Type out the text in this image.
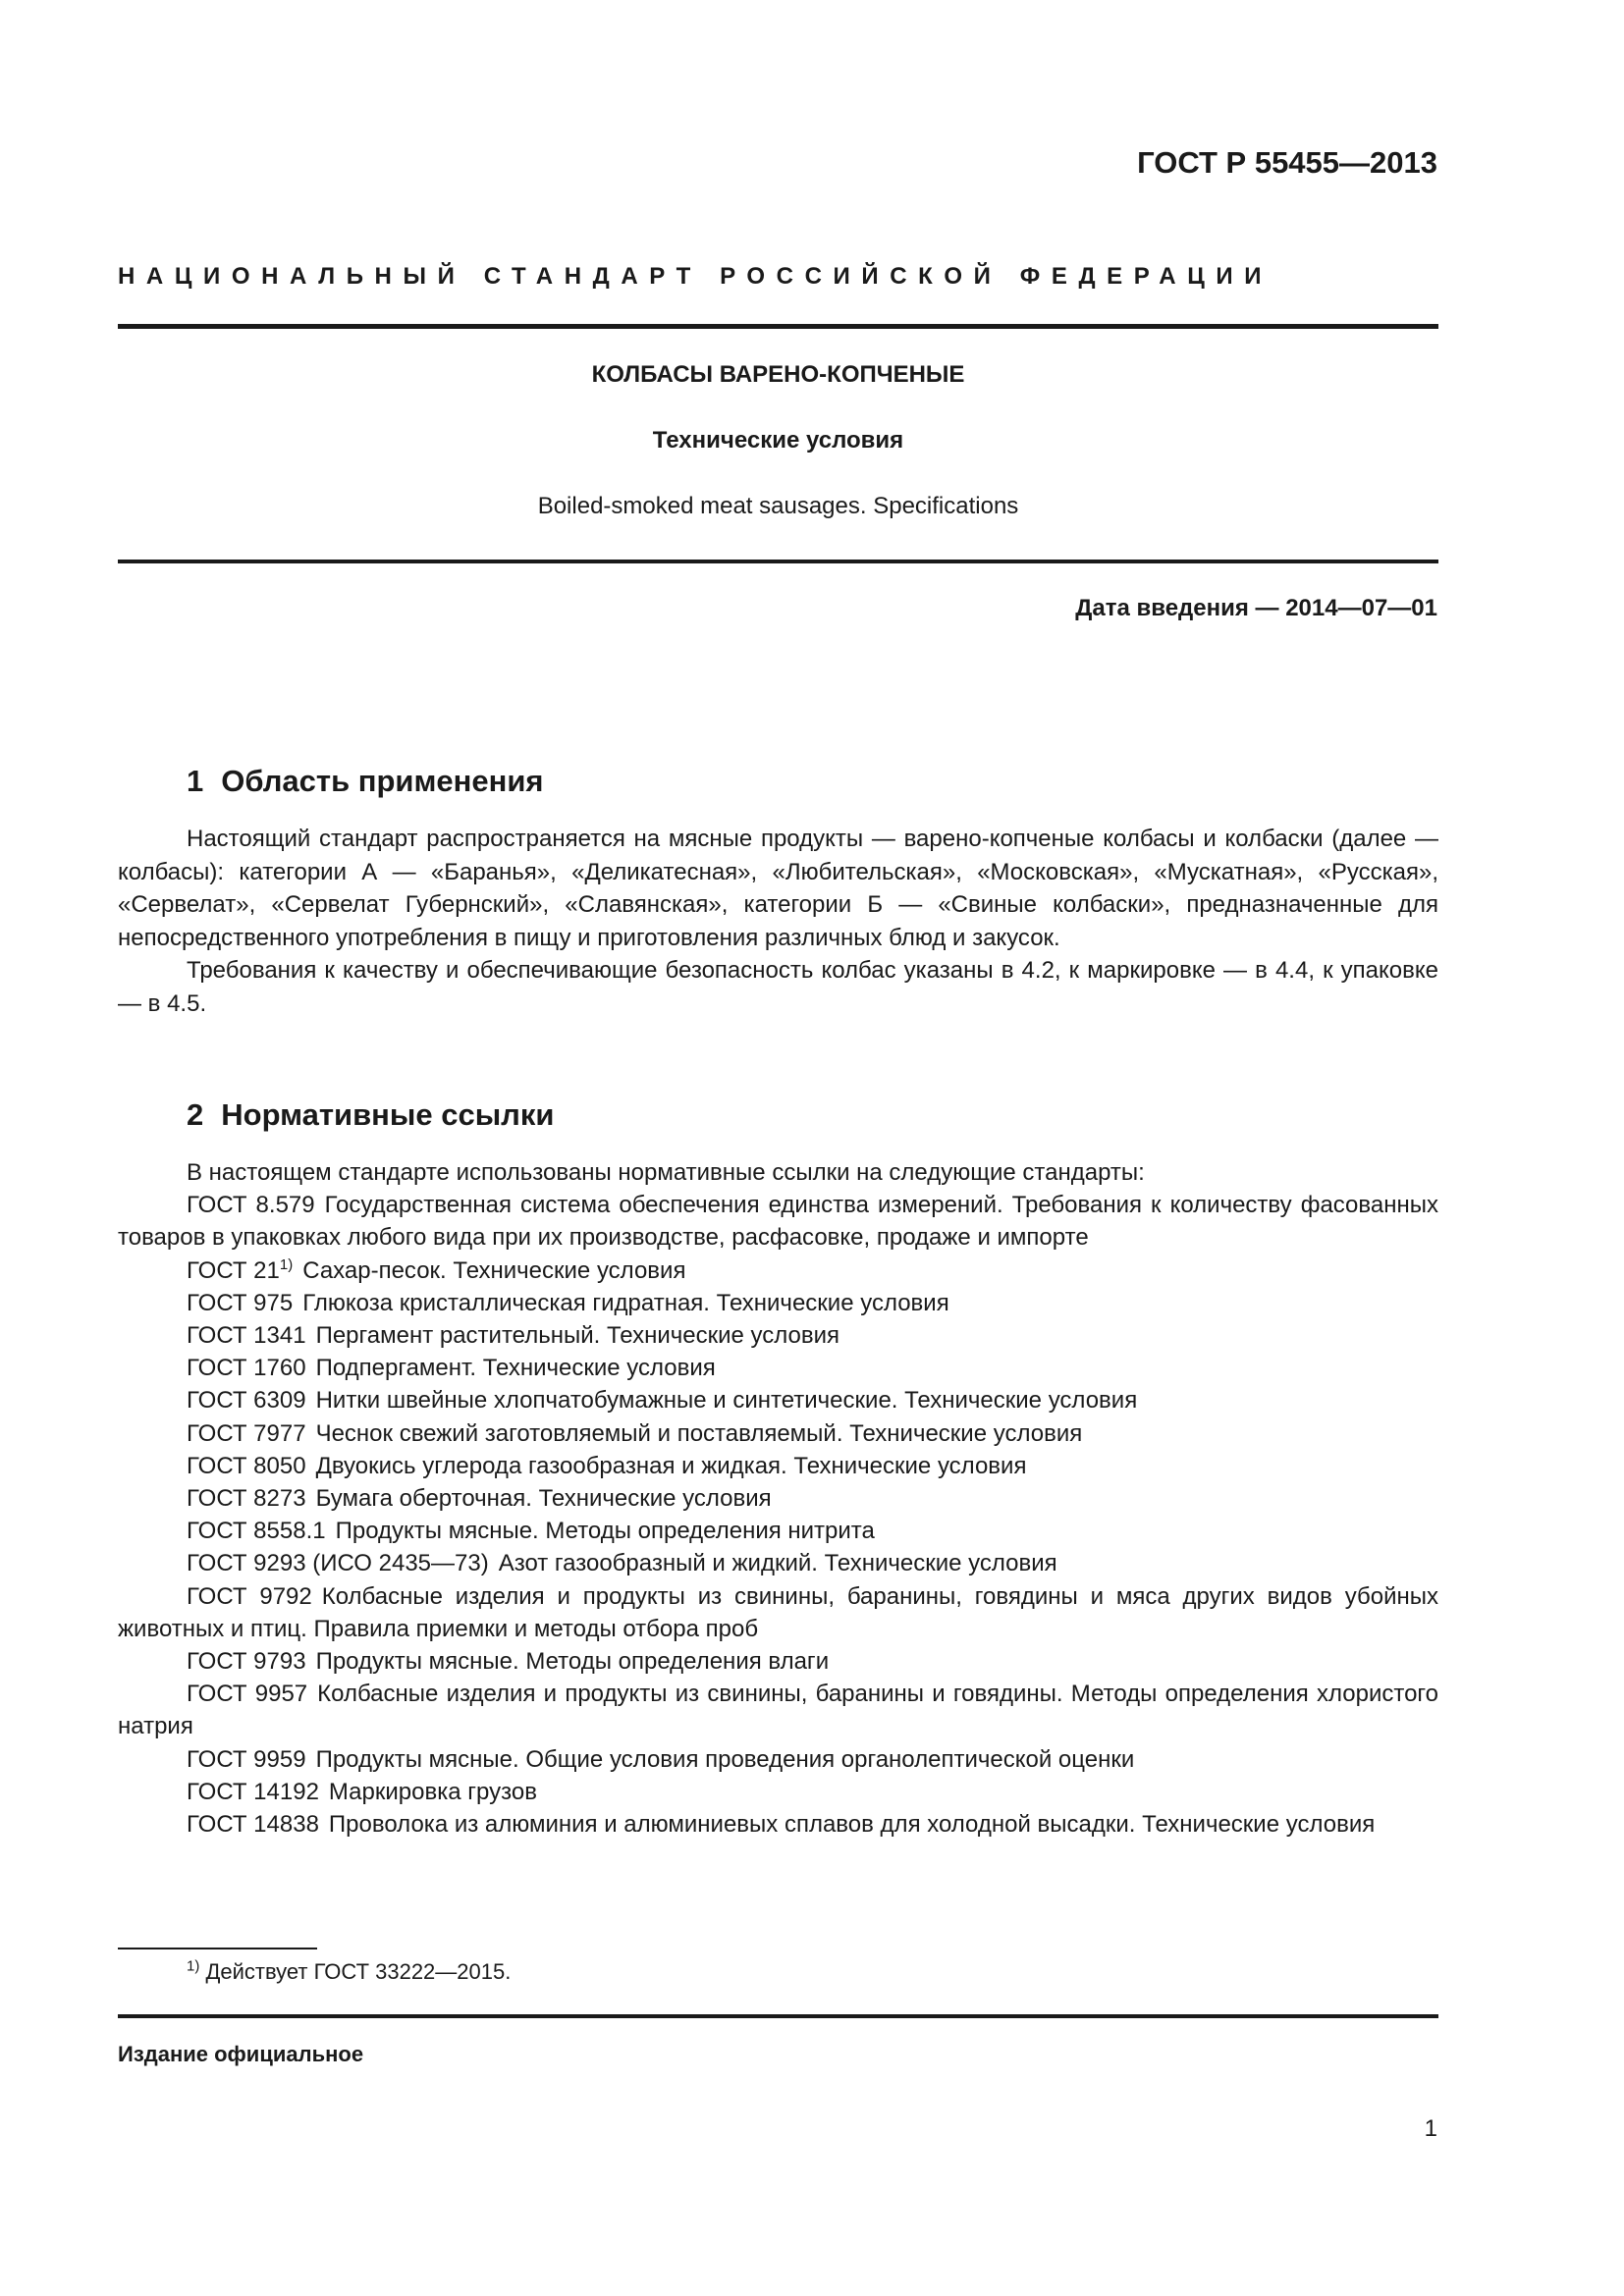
ГОСТ Р 55455—2013
НАЦИОНАЛЬНЫЙ СТАНДАРТ РОССИЙСКОЙ ФЕДЕРАЦИИ
КОЛБАСЫ ВАРЕНО-КОПЧЕНЫЕ
Технические условия
Boiled-smoked meat sausages. Specifications
Дата введения — 2014—07—01
1 Область применения

Настоящий стандарт распространяется на мясные продукты — варено-копченые колбасы и колбаски (далее — колбасы): категории А — «Баранья», «Деликатесная», «Любительская», «Московская», «Мускатная», «Русская», «Сервелат», «Сервелат Губернский», «Славянская», категории Б — «Свиные колбаски», предназначенные для непосредственного употребления в пищу и приготовления различных блюд и закусок.

Требования к качеству и обеспечивающие безопасность колбас указаны в 4.2, к маркировке — в 4.4, к упаковке — в 4.5.

2 Нормативные ссылки

В настоящем стандарте использованы нормативные ссылки на следующие стандарты:

ГОСТ 8.579 Государственная система обеспечения единства измерений. Требования к количеству фасованных товаров в упаковках любого вида при их производстве, расфасовке, продаже и импорте

ГОСТ 21$^{1)}$ Сахар-песок. Технические условия

ГОСТ 975 Глюкоза кристаллическая гидратная. Технические условия

ГОСТ 1341 Пергамент растительный. Технические условия

ГОСТ 1760 Подпергамент. Технические условия

ГОСТ 6309 Нитки швейные хлопчатобумажные и синтетические. Технические условия

ГОСТ 7977 Чеснок свежий заготовляемый и поставляемый. Технические условия

ГОСТ 8050 Двуокись углерода газообразная и жидкая. Технические условия

ГОСТ 8273 Бумага оберточная. Технические условия

ГОСТ 8558.1 Продукты мясные. Методы определения нитрита

ГОСТ 9293 (ИСО 2435—73) Азот газообразный и жидкий. Технические условия

ГОСТ 9792 Колбасные изделия и продукты из свинины, баранины, говядины и мяса других видов убойных животных и птиц. Правила приемки и методы отбора проб

ГОСТ 9793 Продукты мясные. Методы определения влаги

ГОСТ 9957 Колбасные изделия и продукты из свинины, баранины и говядины. Методы определения хлористого натрия

ГОСТ 9959 Продукты мясные. Общие условия проведения органолептической оценки

ГОСТ 14192 Маркировка грузов

ГОСТ 14838 Проволока из алюминия и алюминиевых сплавов для холодной высадки. Технические условия

$^{1)}$ Действует ГОСТ 33222—2015.
Издание официальное
1
